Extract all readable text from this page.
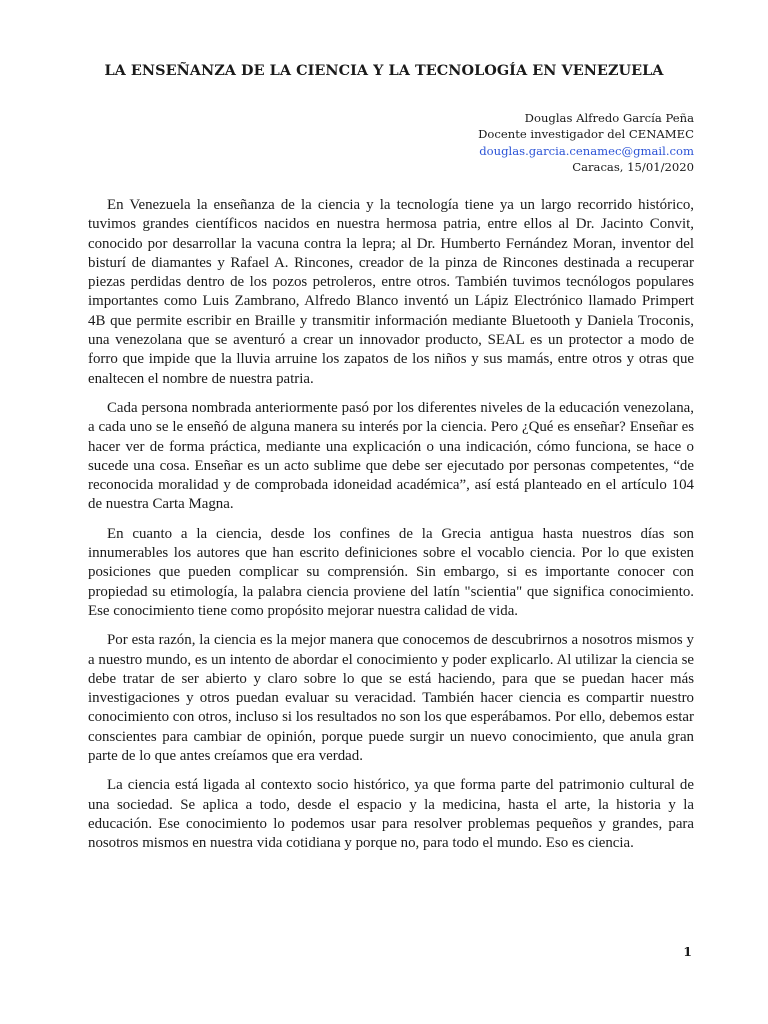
LA ENSEÑANZA DE LA CIENCIA Y LA TECNOLOGÍA EN VENEZUELA
Douglas Alfredo García Peña
Docente investigador del CENAMEC
douglas.garcia.cenamec@gmail.com
Caracas, 15/01/2020

En Venezuela la enseñanza de la ciencia y la tecnología tiene ya un largo recorrido histórico, tuvimos grandes científicos nacidos en nuestra hermosa patria, entre ellos al Dr. Jacinto Convit, conocido por desarrollar la vacuna contra la lepra; al Dr. Humberto Fernández Moran, inventor del bisturí de diamantes y Rafael A. Rincones, creador de la pinza de Rincones destinada a recuperar piezas perdidas dentro de los pozos petroleros, entre otros. También tuvimos tecnólogos populares importantes como Luis Zambrano, Alfredo Blanco inventó un Lápiz Electrónico llamado Primpert 4B que permite escribir en Braille y transmitir información mediante Bluetooth y Daniela Troconis, una venezolana que se aventuró a crear un innovador producto, SEAL es un protector a modo de forro que impide que la lluvia arruine los zapatos de los niños y sus mamás, entre otros y otras que enaltecen el nombre de nuestra patria.

Cada persona nombrada anteriormente pasó por los diferentes niveles de la educación venezolana, a cada uno se le enseñó de alguna manera su interés por la ciencia. Pero ¿Qué es enseñar? Enseñar es hacer ver de forma práctica, mediante una explicación o una indicación, cómo funciona, se hace o sucede una cosa. Enseñar es un acto sublime que debe ser ejecutado por personas competentes, “de reconocida moralidad y de comprobada idoneidad académica”, así está planteado en el artículo 104 de nuestra Carta Magna.

En cuanto a la ciencia, desde los confines de la Grecia antigua hasta nuestros días son innumerables los autores que han escrito definiciones sobre el vocablo ciencia. Por lo que existen posiciones que pueden complicar su comprensión. Sin embargo, si es importante conocer con propiedad su etimología, la palabra ciencia proviene del latín "scientia" que significa conocimiento. Ese conocimiento tiene como propósito mejorar nuestra calidad de vida.

Por esta razón, la ciencia es la mejor manera que conocemos de descubrirnos a nosotros mismos y a nuestro mundo, es un intento de abordar el conocimiento y poder explicarlo. Al utilizar la ciencia se debe tratar de ser abierto y claro sobre lo que se está haciendo, para que se puedan hacer más investigaciones y otros puedan evaluar su veracidad. También hacer ciencia es compartir nuestro conocimiento con otros, incluso si los resultados no son los que esperábamos. Por ello, debemos estar conscientes para cambiar de opinión, porque puede surgir un nuevo conocimiento, que anula gran parte de lo que antes creíamos que era verdad.

La ciencia está ligada al contexto socio histórico, ya que forma parte del patrimonio cultural de una sociedad. Se aplica a todo, desde el espacio y la medicina, hasta el arte, la historia y la educación. Ese conocimiento lo podemos usar para resolver problemas pequeños y grandes, para nosotros mismos en nuestra vida cotidiana y porque no, para todo el mundo. Eso es ciencia.

1
